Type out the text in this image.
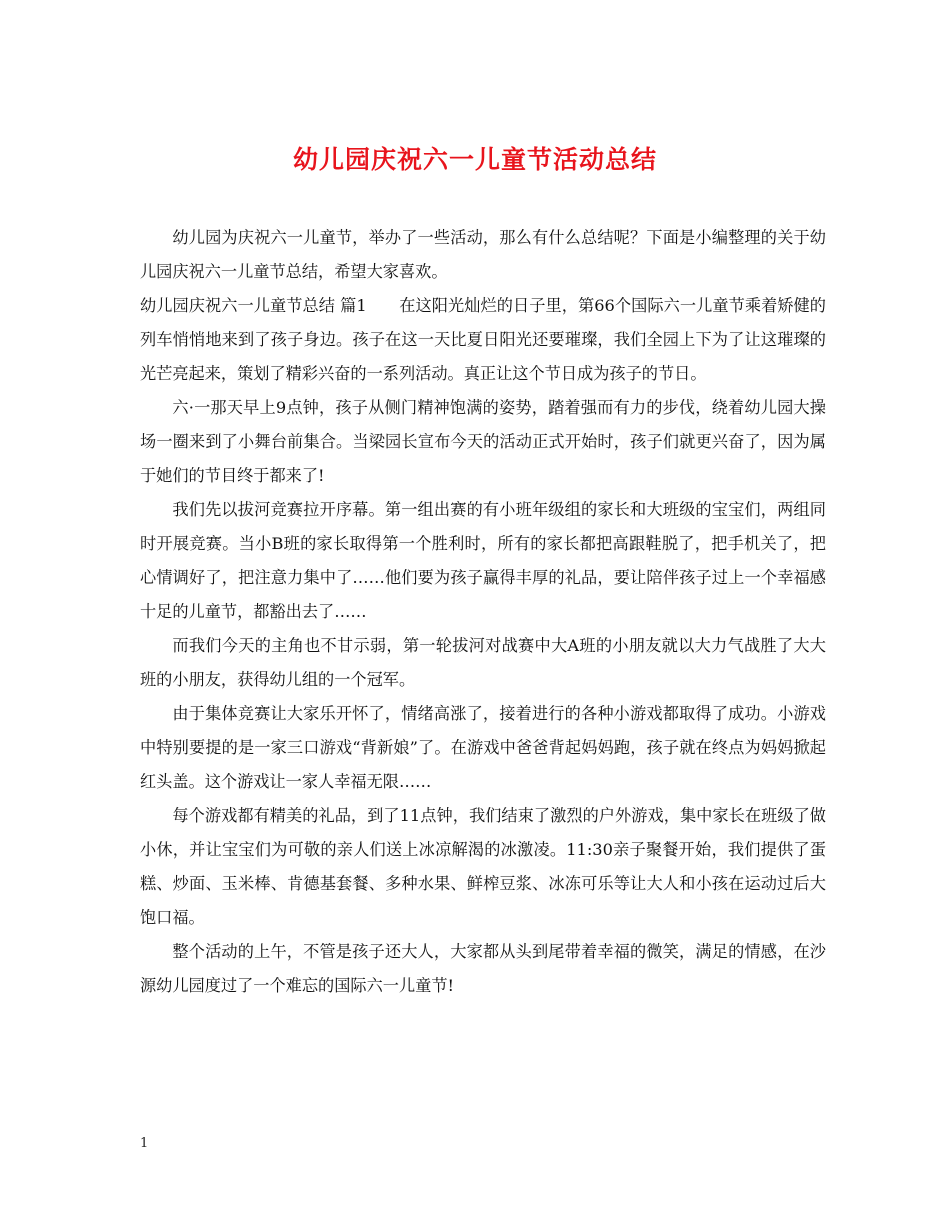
幼儿园庆祝六一儿童节活动总结

幼儿园为庆祝六一儿童节，举办了一些活动，那么有什么总结呢？下面是小编整理的关于幼儿园庆祝六一儿童节总结，希望大家喜欢。

幼儿园庆祝六一儿童节总结 篇1　　在这阳光灿烂的日子里，第66个国际六一儿童节乘着矫健的列车悄悄地来到了孩子身边。孩子在这一天比夏日阳光还要璀璨，我们全园上下为了让这璀璨的光芒亮起来，策划了精彩兴奋的一系列活动。真正让这个节日成为孩子的节日。

六·一那天早上9点钟，孩子从侧门精神饱满的姿势，踏着强而有力的步伐，绕着幼儿园大操场一圈来到了小舞台前集合。当梁园长宣布今天的活动正式开始时，孩子们就更兴奋了，因为属于她们的节目终于都来了!

我们先以拔河竞赛拉开序幕。第一组出赛的有小班年级组的家长和大班级的宝宝们，两组同时开展竞赛。当小B班的家长取得第一个胜利时，所有的家长都把高跟鞋脱了，把手机关了，把心情调好了，把注意力集中了……他们要为孩子赢得丰厚的礼品，要让陪伴孩子过上一个幸福感十足的儿童节，都豁出去了……

而我们今天的主角也不甘示弱，第一轮拔河对战赛中大A班的小朋友就以大力气战胜了大大班的小朋友，获得幼儿组的一个冠军。

由于集体竞赛让大家乐开怀了，情绪高涨了，接着进行的各种小游戏都取得了成功。小游戏中特别要提的是一家三口游戏“背新娘”了。在游戏中爸爸背起妈妈跑，孩子就在终点为妈妈掀起红头盖。这个游戏让一家人幸福无限……

每个游戏都有精美的礼品，到了11点钟，我们结束了激烈的户外游戏，集中家长在班级了做小休，并让宝宝们为可敬的亲人们送上冰凉解渴的冰激凌。11:30亲子聚餐开始，我们提供了蛋糕、炒面、玉米棒、肯德基套餐、多种水果、鲜榨豆浆、冰冻可乐等让大人和小孩在运动过后大饱口福。

整个活动的上午，不管是孩子还大人，大家都从头到尾带着幸福的微笑，满足的情感，在沙源幼儿园度过了一个难忘的国际六一儿童节!

1
